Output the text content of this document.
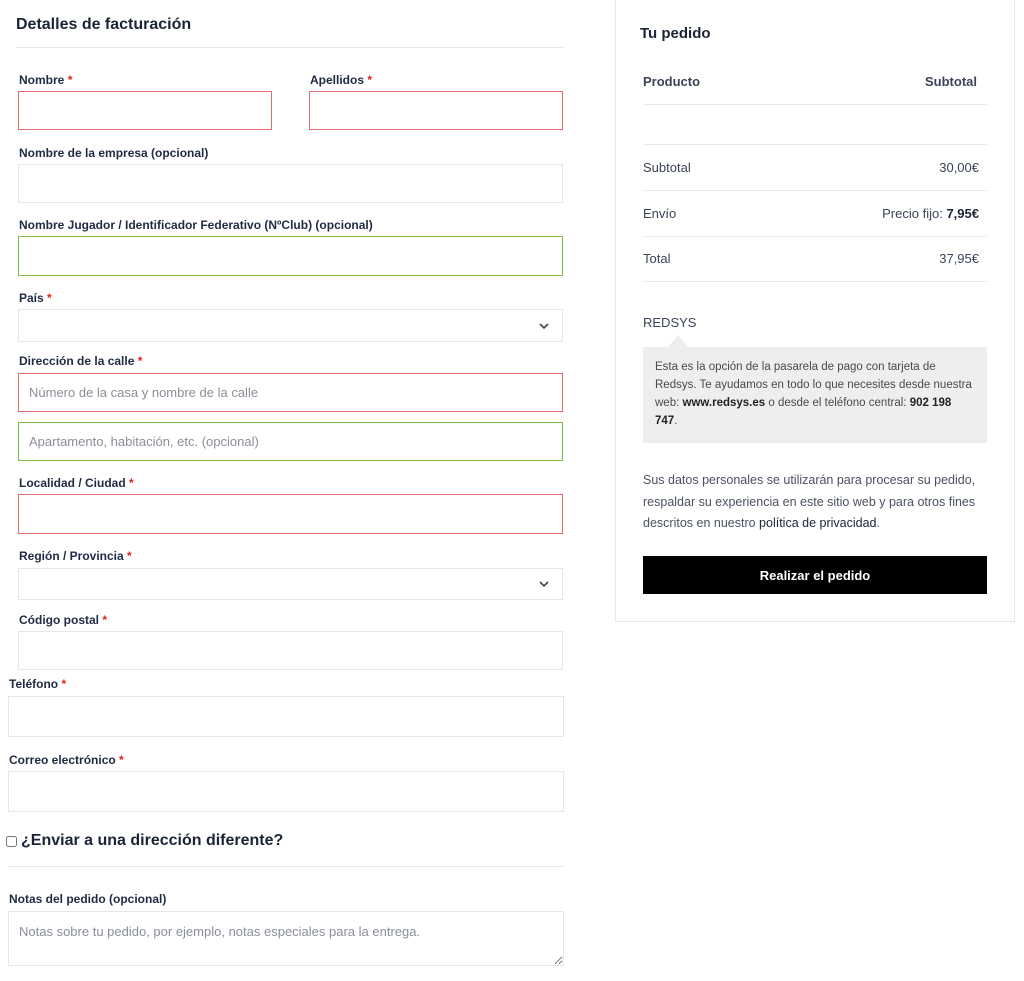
Detalles de facturación
Nombre *	Apellidos *
Nombre de la empresa (opcional)
Nombre Jugador / Identificador Federativo (NºClub) (opcional)
País *
Dirección de la calle *
Número de la casa y nombre de la calle
Apartamento, habitación, etc. (opcional)
Localidad / Ciudad *
Región / Provincia *
Código postal *
Teléfono *
Correo electrónico *
¿Enviar a una dirección diferente?
Notas del pedido (opcional)
Notas sobre tu pedido, por ejemplo, notas especiales para la entrega.
Tu pedido
Producto	Subtotal
Subtotal	30,00€
Envío	Precio fijo: 7,95€
Total	37,95€
REDSYS
Esta es la opción de la pasarela de pago con tarjeta de Redsys. Te ayudamos en todo lo que necesites desde nuestra web: www.redsys.es o desde el teléfono central: 902 198 747.
Sus datos personales se utilizarán para procesar su pedido, respaldar su experiencia en este sitio web y para otros fines descritos en nuestro política de privacidad.
Realizar el pedido
